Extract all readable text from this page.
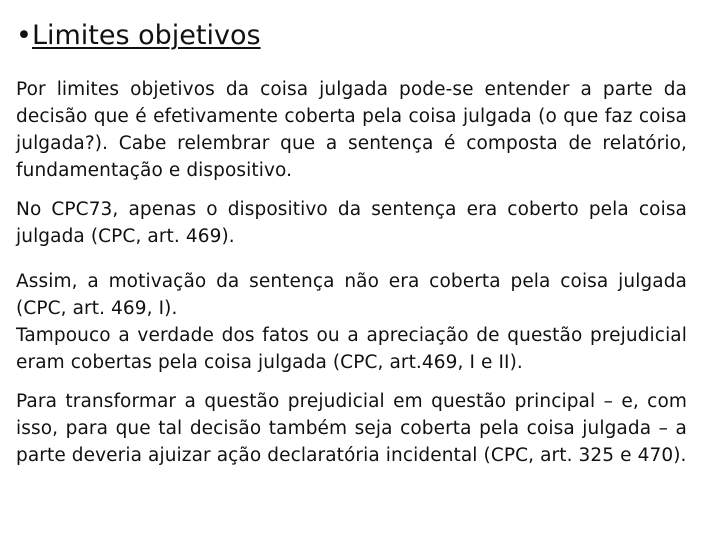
•Limites objetivos

Por limites objetivos da coisa julgada pode-se entender a parte da decisão que é efetivamente coberta pela coisa julgada (o que faz coisa julgada?). Cabe relembrar que a sentença é composta de relatório, fundamentação e dispositivo.

No CPC73, apenas o dispositivo da sentença era coberto pela coisa julgada (CPC, art. 469).

Assim, a motivação da sentença não era coberta pela coisa julgada (CPC, art. 469, I).

Tampouco a verdade dos fatos ou a apreciação de questão prejudicial eram cobertas pela coisa julgada (CPC, art.469, I e II).

Para transformar a questão prejudicial em questão principal – e, com isso, para que tal decisão também seja coberta pela coisa julgada – a parte deveria ajuizar ação declaratória incidental (CPC, art. 325 e 470).
